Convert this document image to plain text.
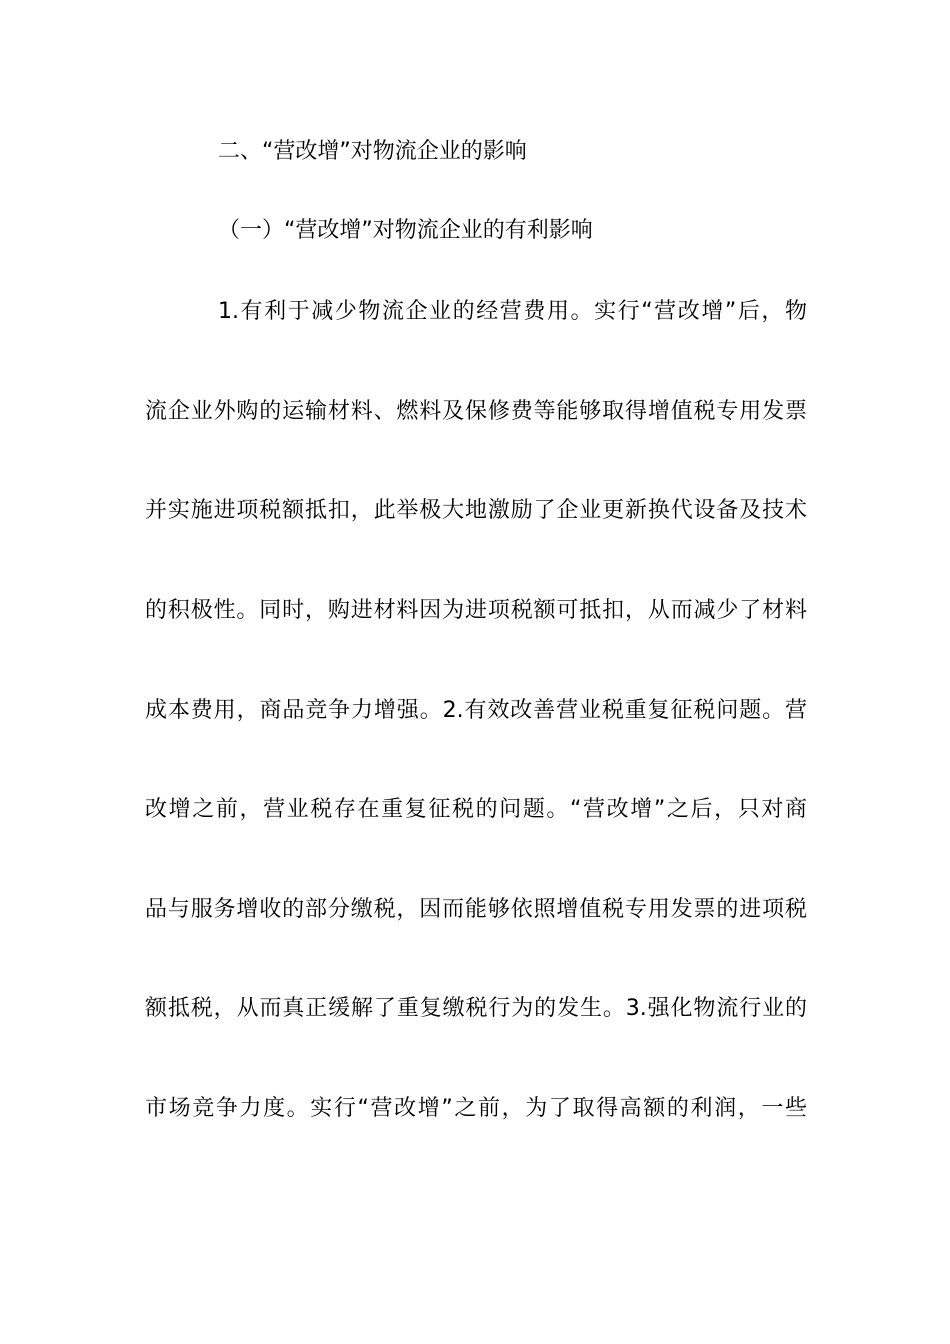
二、“营改增”对物流企业的影响
（一）“营改增”对物流企业的有利影响
1.有利于减少物流企业的经营费用。实行“营改增”后，物
流企业外购的运输材料、燃料及保修费等能够取得增值税专用发票
并实施进项税额抵扣，此举极大地激励了企业更新换代设备及技术
的积极性。同时，购进材料因为进项税额可抵扣，从而减少了材料
成本费用，商品竞争力增强。2.有效改善营业税重复征税问题。营
改增之前，营业税存在重复征税的问题。“营改增”之后，只对商
品与服务增收的部分缴税，因而能够依照增值税专用发票的进项税
额抵税，从而真正缓解了重复缴税行为的发生。3.强化物流行业的
市场竞争力度。实行“营改增”之前，为了取得高额的利润，一些
